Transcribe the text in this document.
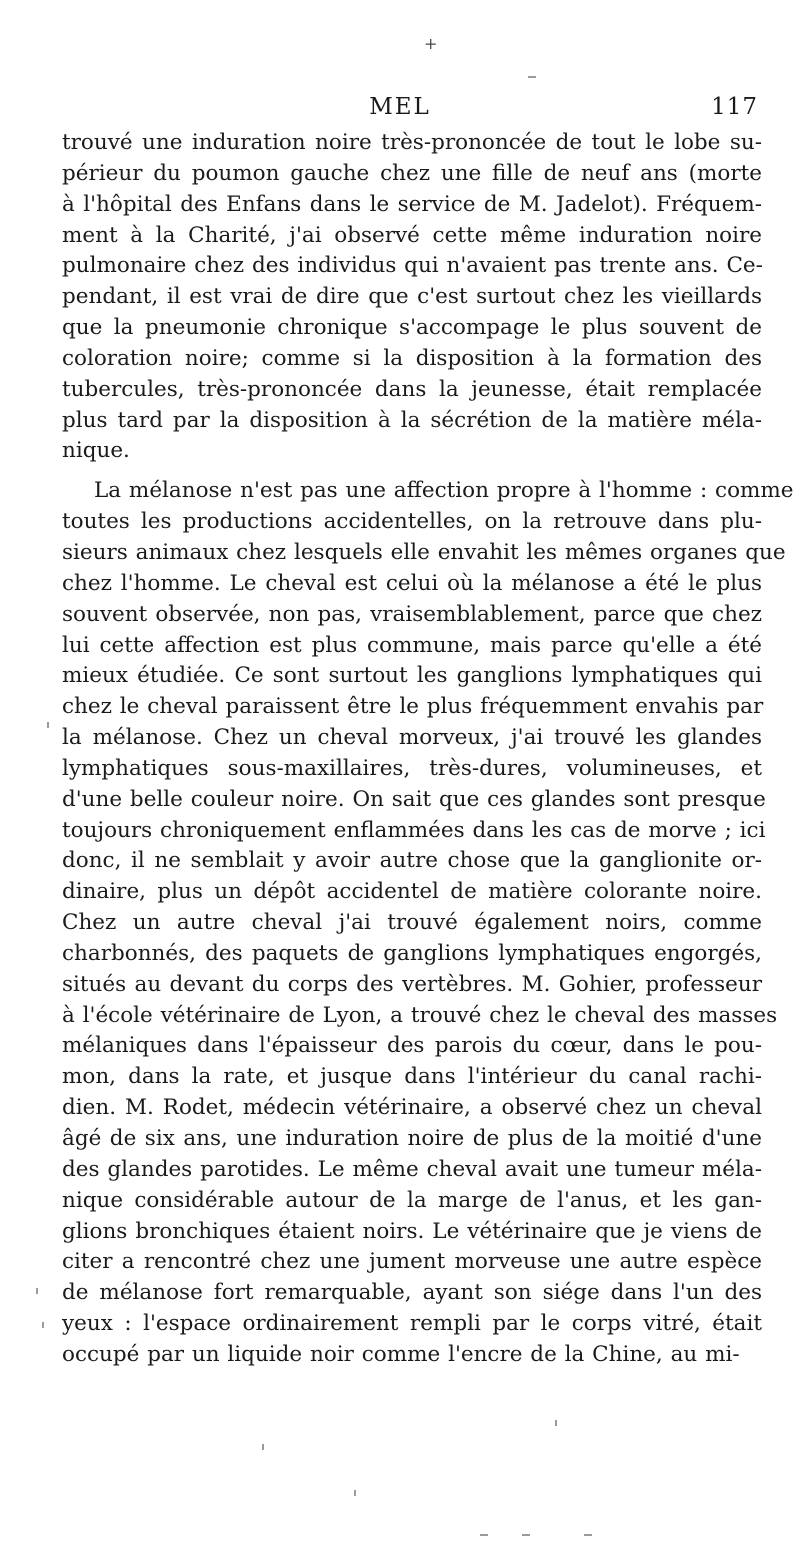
+
MEL	117
trouvé une induration noire très-prononcée de tout le lobe su-
périeur du poumon gauche chez une fille de neuf ans (morte
à l'hôpital des Enfans dans le service de M. Jadelot). Fréquem-
ment à la Charité, j'ai observé cette même induration noire
pulmonaire chez des individus qui n'avaient pas trente ans. Ce-
pendant, il est vrai de dire que c'est surtout chez les vieillards
que la pneumonie chronique s'accompage le plus souvent de
coloration noire; comme si la disposition à la formation des
tubercules, très-prononcée dans la jeunesse, était remplacée
plus tard par la disposition à la sécrétion de la matière méla-
nique.
La mélanose n'est pas une affection propre à l'homme : comme
toutes les productions accidentelles, on la retrouve dans plu-
sieurs animaux chez lesquels elle envahit les mêmes organes que
chez l'homme. Le cheval est celui où la mélanose a été le plus
souvent observée, non pas, vraisemblablement, parce que chez
lui cette affection est plus commune, mais parce qu'elle a été
mieux étudiée. Ce sont surtout les ganglions lymphatiques qui
chez le cheval paraissent être le plus fréquemment envahis par
la mélanose. Chez un cheval morveux, j'ai trouvé les glandes
lymphatiques sous-maxillaires, très-dures, volumineuses, et
d'une belle couleur noire. On sait que ces glandes sont presque
toujours chroniquement enflammées dans les cas de morve ; ici
donc, il ne semblait y avoir autre chose que la ganglionite or-
dinaire, plus un dépôt accidentel de matière colorante noire.
Chez un autre cheval j'ai trouvé également noirs, comme
charbonnés, des paquets de ganglions lymphatiques engorgés,
situés au devant du corps des vertèbres. M. Gohier, professeur
à l'école vétérinaire de Lyon, a trouvé chez le cheval des masses
mélaniques dans l'épaisseur des parois du cœur, dans le pou-
mon, dans la rate, et jusque dans l'intérieur du canal rachi-
dien. M. Rodet, médecin vétérinaire, a observé chez un cheval
âgé de six ans, une induration noire de plus de la moitié d'une
des glandes parotides. Le même cheval avait une tumeur méla-
nique considérable autour de la marge de l'anus, et les gan-
glions bronchiques étaient noirs. Le vétérinaire que je viens de
citer a rencontré chez une jument morveuse une autre espèce
de mélanose fort remarquable, ayant son siége dans l'un des
yeux : l'espace ordinairement rempli par le corps vitré, était
occupé par un liquide noir comme l'encre de la Chine, au mi-
